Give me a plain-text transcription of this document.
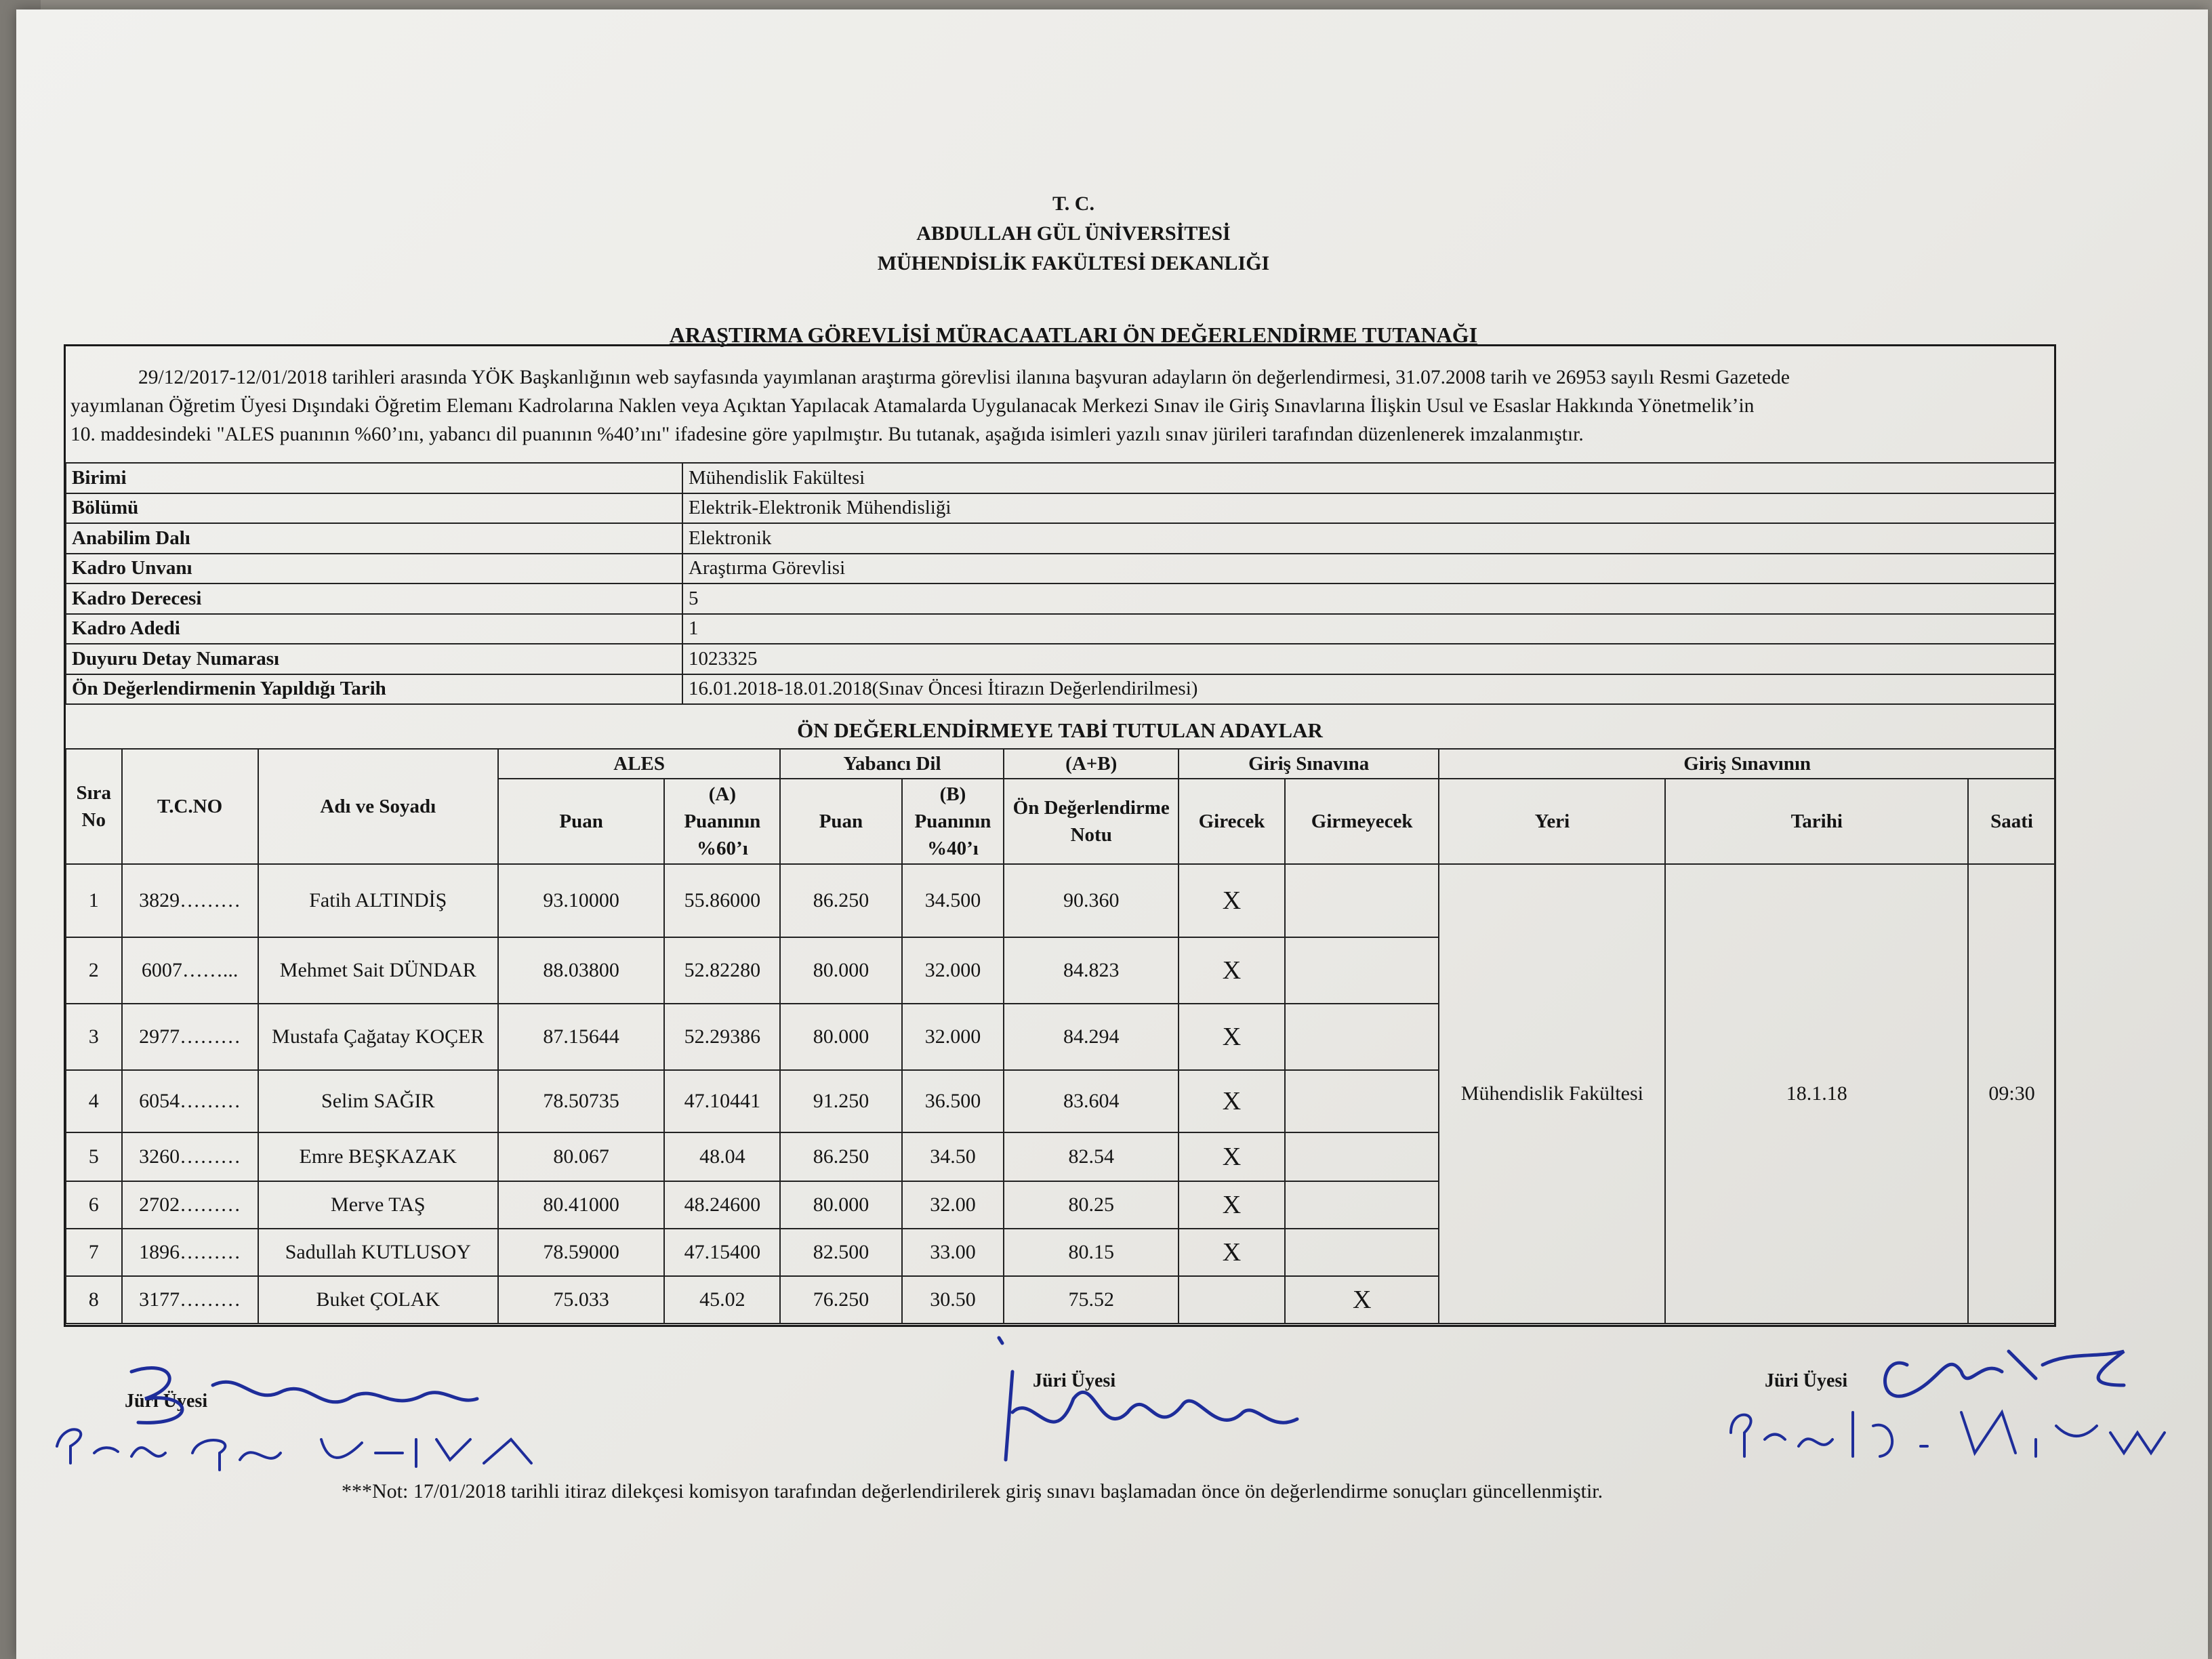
T. C.
ABDULLAH GÜL ÜNİVERSİTESİ
MÜHENDİSLİK FAKÜLTESİ DEKANLIĞI
ARAŞTIRMA GÖREVLİSİ MÜRACAATLARI ÖN DEĞERLENDİRME TUTANAĞI
29/12/2017-12/01/2018 tarihleri arasında YÖK Başkanlığının web sayfasında yayımlanan araştırma görevlisi ilanına başvuran adayların ön değerlendirmesi, 31.07.2008 tarih ve 26953 sayılı Resmi Gazetede
yayımlanan Öğretim Üyesi Dışındaki Öğretim Elemanı Kadrolarına Naklen veya Açıktan Yapılacak Atamalarda Uygulanacak Merkezi Sınav ile Giriş Sınavlarına İlişkin Usul ve Esaslar Hakkında Yönetmelik’in
10. maddesindeki "ALES puanının %60’ını, yabancı dil puanının %40’ını" ifadesine göre yapılmıştır. Bu tutanak, aşağıda isimleri yazılı sınav jürileri tarafından düzenlenerek imzalanmıştır.
Birimi	Mühendislik Fakültesi
Bölümü	Elektrik-Elektronik Mühendisliği
Anabilim Dalı	Elektronik
Kadro Unvanı	Araştırma Görevlisi
Kadro Derecesi	5
Kadro Adedi	1
Duyuru Detay Numarası	1023325
Ön Değerlendirmenin Yapıldığı Tarih	16.01.2018-18.01.2018(Sınav Öncesi İtirazın Değerlendirilmesi)
ÖN DEĞERLENDİRMEYE TABİ TUTULAN ADAYLAR
Sıra No	T.C.NO	Adı ve Soyadı	ALES		Yabancı Dil		(A+B)	Giriş Sınavına		Giriş Sınavının		
			Puan	(A) Puanının %60’ı	Puan	(B) Puanının %40’ı	Ön Değerlendirme Notu	Girecek	Girmeyecek	Yeri	Tarihi	Saati
1	3829………	Fatih ALTINDİŞ	93.10000	55.86000	86.250	34.500	90.360	X		Mühendislik Fakültesi	18.1.18	09:30
2	6007……...	Mehmet Sait DÜNDAR	88.03800	52.82280	80.000	32.000	84.823	X				
3	2977………	Mustafa Çağatay KOÇER	87.15644	52.29386	80.000	32.000	84.294	X				
4	6054………	Selim SAĞIR	78.50735	47.10441	91.250	36.500	83.604	X				
5	3260………	Emre BEŞKAZAK	80.067	48.04	86.250	34.50	82.54	X				
6	2702………	Merve TAŞ	80.41000	48.24600	80.000	32.00	80.25	X				
7	1896………	Sadullah KUTLUSOY	78.59000	47.15400	82.500	33.00	80.15	X				
8	3177………	Buket ÇOLAK	75.033	45.02	76.250	30.50	75.52		X			
Jüri Üyesi
Jüri Üyesi	Jüri Üyesi
***Not: 17/01/2018 tarihli itiraz dilekçesi komisyon tarafından değerlendirilerek giriş sınavı başlamadan önce ön değerlendirme sonuçları güncellenmiştir.
